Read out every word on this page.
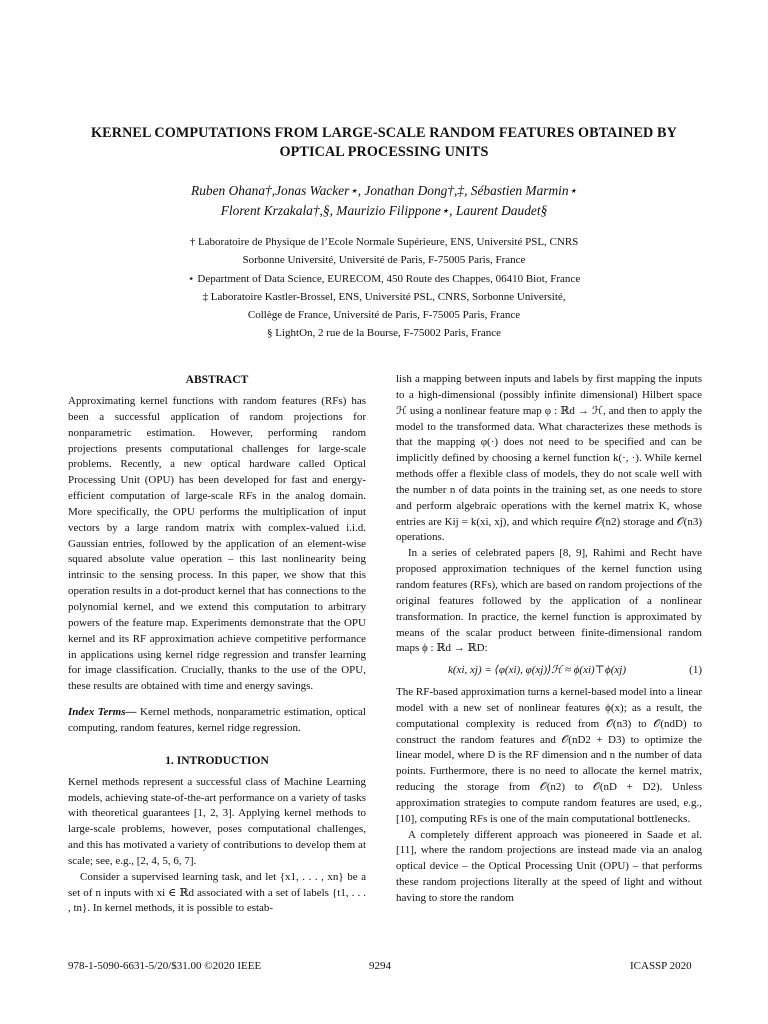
KERNEL COMPUTATIONS FROM LARGE-SCALE RANDOM FEATURES OBTAINED BY
OPTICAL PROCESSING UNITS
Ruben Ohana†,Jonas Wacker⋆, Jonathan Dong†,‡, Sébastien Marmin⋆
Florent Krzakala†,§, Maurizio Filippone⋆, Laurent Daudet§
† Laboratoire de Physique de l’Ecole Normale Supérieure, ENS, Université PSL, CNRS
Sorbonne Université, Université de Paris, F-75005 Paris, France
⋆ Department of Data Science, EURECOM, 450 Route des Chappes, 06410 Biot, France
‡ Laboratoire Kastler-Brossel, ENS, Université PSL, CNRS, Sorbonne Université,
Collège de France, Université de Paris, F-75005 Paris, France
§ LightOn, 2 rue de la Bourse, F-75002 Paris, France
ABSTRACT

Approximating kernel functions with random features (RFs) has been a successful application of random projections for nonparametric estimation. However, performing random projections presents computational challenges for large-scale problems. Recently, a new optical hardware called Optical Processing Unit (OPU) has been developed for fast and energy-efficient computation of large-scale RFs in the analog domain. More specifically, the OPU performs the multiplication of input vectors by a large random matrix with complex-valued i.i.d. Gaussian entries, followed by the application of an element-wise squared absolute value operation – this last nonlinearity being intrinsic to the sensing process. In this paper, we show that this operation results in a dot-product kernel that has connections to the polynomial kernel, and we extend this computation to arbitrary powers of the feature map. Experiments demonstrate that the OPU kernel and its RF approximation achieve competitive performance in applications using kernel ridge regression and transfer learning for image classification. Crucially, thanks to the use of the OPU, these results are obtained with time and energy savings.

Index Terms— Kernel methods, nonparametric estimation, optical computing, random features, kernel ridge regression.

1. INTRODUCTION

Kernel methods represent a successful class of Machine Learning models, achieving state-of-the-art performance on a variety of tasks with theoretical guarantees [1, 2, 3]. Applying kernel methods to large-scale problems, however, poses computational challenges, and this has motivated a variety of contributions to develop them at scale; see, e.g., [2, 4, 5, 6, 7].

Consider a supervised learning task, and let {x1, . . . , xn} be a set of n inputs with xi ∈ ℝd associated with a set of labels {t1, . . . , tn}. In kernel methods, it is possible to estab-

lish a mapping between inputs and labels by first mapping the inputs to a high-dimensional (possibly infinite dimensional) Hilbert space ℋ using a nonlinear feature map φ : ℝd → ℋ, and then to apply the model to the transformed data. What characterizes these methods is that the mapping φ(·) does not need to be specified and can be implicitly defined by choosing a kernel function k(·, ·). While kernel methods offer a flexible class of models, they do not scale well with the number n of data points in the training set, as one needs to store and perform algebraic operations with the kernel matrix K, whose entries are Kij = k(xi, xj), and which require 𝒪(n2) storage and 𝒪(n3) operations.

In a series of celebrated papers [8, 9], Rahimi and Recht have proposed approximation techniques of the kernel function using random features (RFs), which are based on random projections of the original features followed by the application of a nonlinear transformation. In practice, the kernel function is approximated by means of the scalar product between finite-dimensional random maps ϕ : ℝd → ℝD:

k(xi, xj) = ⟨φ(xi), φ(xj)⟩ℋ ≈ ϕ(xi)⊤ϕ(xj)	(1)

The RF-based approximation turns a kernel-based model into a linear model with a new set of nonlinear features ϕ(x); as a result, the computational complexity is reduced from 𝒪(n3) to 𝒪(ndD) to construct the random features and 𝒪(nD2 + D3) to optimize the linear model, where D is the RF dimension and n the number of data points. Furthermore, there is no need to allocate the kernel matrix, reducing the storage from 𝒪(n2) to 𝒪(nD + D2). Unless approximation strategies to compute random features are used, e.g., [10], computing RFs is one of the main computational bottlenecks.

A completely different approach was pioneered in Saade et al. [11], where the random projections are instead made via an analog optical device – the Optical Processing Unit (OPU) – that performs these random projections literally at the speed of light and without having to store the random

978-1-5090-6631-5/20/$31.00 ©2020 IEEE	9294	ICASSP 2020
